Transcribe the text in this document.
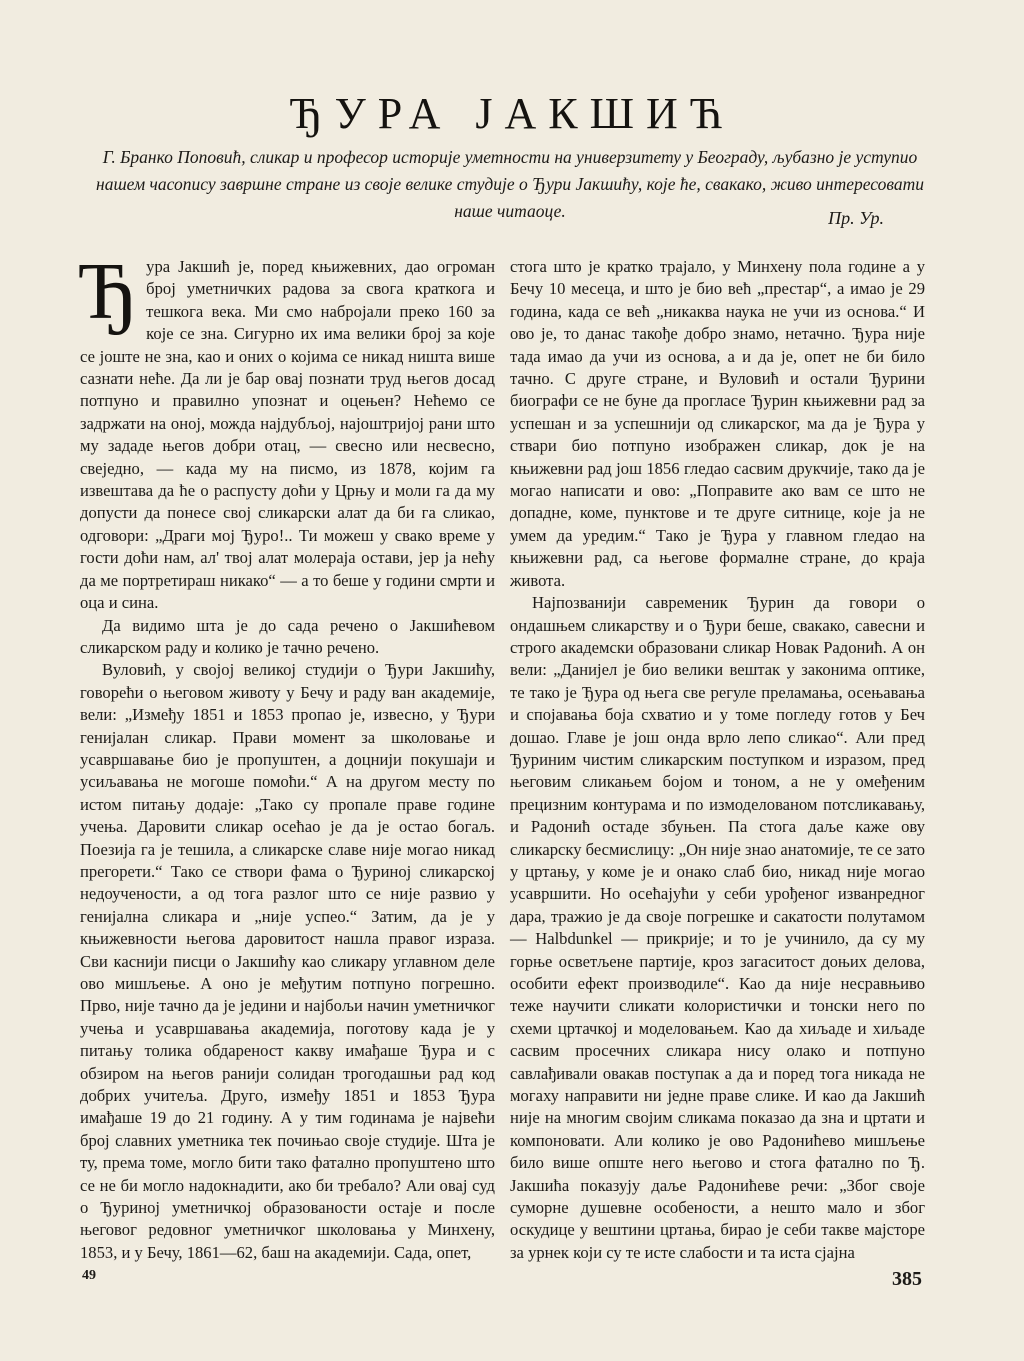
ЂУРА ЈАКШИЋ

Г. Бранко Поповић, сликар и професор историје уметности на универзитету у Београду, љубазно је уступио нашем часопису завршне стране из своје велике студије о Ђури Јакшићу, које ће, свакако, живо интересовати наше читаоце.	Пр. Ур.

Ђура Јакшић је, поред књижевних, дао огроман број уметничких радова за свога краткога и тешкога века. Ми смо набројали преко 160 за које се зна. Сигурно их има велики број за које се јоште не зна, као и оних о којима се никад ништа више сазнати неће. Да ли је бар овај познати труд његов досад потпуно и правилно упознат и оцењен? Нећемо се задржати на оној, можда најдубљој, најоштријој рани што му зададе његов добри отац, — свесно или несвесно, свеједно, — када му на писмо, из 1878, којим га извештава да ће о распусту доћи у Црњу и моли га да му допусти да понесе свој сликарски алат да би га сликао, одговори: „Драги мој Ђуро!.. Ти можеш у свако време у гости доћи нам, ал' твој алат молераја остави, јер ја нећу да ме портретираш никако“ — а то беше у години смрти и оца и сина.

Да видимо шта је до сада речено о Јакшићевом сликарском раду и колико је тачно речено.

Вуловић, у својој великој студији о Ђури Јакшићу, говорећи о његовом животу у Бечу и раду ван академије, вели: „Између 1851 и 1853 пропао је, извесно, у Ђури генијалан сликар. Прави момент за школовање и усавршавање био је пропуштен, а доцнији покушаји и усиљавања не могоше помоћи.“ А на другом месту по истом питању додаје: „Тако су пропале праве године учења. Даровити сликар осећао је да је остао богаљ. Поезија га је тешила, а сликарске славе није могао никад прегорети.“ Тако се створи фама о Ђуриној сликарској недоучености, а од тога разлог што се није развио у генијална сликара и „није успео.“ Затим, да је у књижевности његова даровитост нашла правог израза. Сви каснији писци о Јакшићу као сликару углавном деле ово мишљење. А оно је међутим потпуно погрешно. Прво, није тачно да је једини и најбољи начин уметничког учења и усавршавања академија, поготову када је у питању толика обдареност какву имађаше Ђура и с обзиром на његов ранији солидан трогодашњи рад код добрих учитеља. Друго, између 1851 и 1853 Ђура имађаше 19 до 21 годину. А у тим годинама је највећи број славних уметника тек почињао своје студије. Шта је ту, према томе, могло бити тако фатално пропуштено што се не би могло надокнадити, ако би требало? Али овај суд о Ђуриној уметничкој образованости остаје и после његовог редовног уметничког школовања у Минхену, 1853, и у Бечу, 1861—62, баш на академији. Сада, опет,

стога што је кратко трајало, у Минхену пола године а у Бечу 10 месеца, и што је био већ „престар“, а имао је 29 година, када се већ „никаква наука не учи из основа.“ И ово је, то данас такође добро знамо, нетачно. Ђура није тада имао да учи из основа, а и да је, опет не би било тачно. С друге стране, и Вуловић и остали Ђурини биографи се не буне да прогласе Ђурин књижевни рад за успешан и за успешнији од сликарског, ма да је Ђура у ствари био потпуно изображен сликар, док је на књижевни рад још 1856 гледао сасвим друкчије, тако да је могао написати и ово: „Поправите ако вам се што не допадне, коме, пунктове и те друге ситнице, које ја не умем да уредим.“ Тако је Ђура у главном гледао на књижевни рад, са његове формалне стране, до краја живота.

Најпозванији савременик Ђурин да говори о ондашњем сликарству и о Ђури беше, свакако, савесни и строго академски образовани сликар Новак Радонић. А он вели: „Данијел је био велики вештак у законима оптике, те тако је Ђура од њега све регуле преламања, осењавања и спојавања боја схватио и у томе погледу готов у Беч дошао. Главе је још онда врло лепо сликао“. Али пред Ђуриним чистим сликарским поступком и изразом, пред његовим сликањем бојом и тоном, а не у омеђеним прецизним контурама и по измоделованом потсликавању, и Радонић остаде збуњен. Па стога даље каже ову сликарску бесмислицу: „Он није знао анатомије, те се зато у цртању, у коме је и онако слаб био, никад није могао усавршити. Но осећајући у себи урођеног изванредног дара, тражио је да своје погрешке и сакатости полутамом — Halbdunkel — прикрије; и то је учинило, да су му горње осветљене партије, кроз загаситост доњих делова, особити ефект производиле“. Као да није несравњиво теже научити сликати колористички и тонски него по схеми цртачкој и моделовањем. Као да хиљаде и хиљаде сасвим просечних сликара нису олако и потпуно савлађивали овакав поступак а да и поред тога никада не могаху направити ни једне праве слике. И као да Јакшић није на многим својим сликама показао да зна и цртати и компоновати. Али колико је ово Радонићево мишљење било више опште него његово и стога фатално по Ђ. Јакшића показују даље Радонићеве речи: „Због своје суморне душевне особености, а нешто мало и због оскудице у вештини цртања, бирао је себи такве мајсторе за урнек који су те исте слабости и та иста сјајна

49	385
